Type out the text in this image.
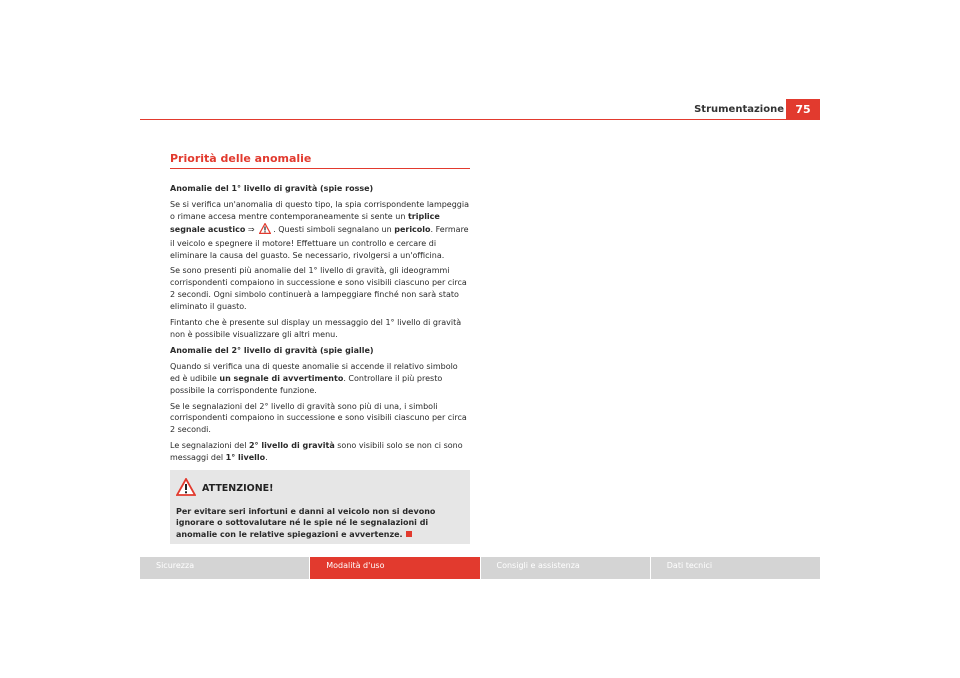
Strumentazione	75
Priorità delle anomalie

Anomalie del 1° livello di gravità (spie rosse)

Se si verifica un'anomalia di questo tipo, la spia corrispondente lampeggia o rimane accesa mentre contemporaneamente si sente un triplice segnale acustico ⇒ . Questi simboli segnalano un pericolo. Fermare il veicolo e spegnere il motore! Effettuare un controllo e cercare di eliminare la causa del guasto. Se necessario, rivolgersi a un'officina.

Se sono presenti più anomalie del 1° livello di gravità, gli ideogrammi corrispondenti compaiono in successione e sono visibili ciascuno per circa 2 secondi. Ogni simbolo continuerà a lampeggiare finché non sarà stato eliminato il guasto.

Fintanto che è presente sul display un messaggio del 1° livello di gravità non è possibile visualizzare gli altri menu.

Anomalie del 2° livello di gravità (spie gialle)

Quando si verifica una di queste anomalie si accende il relativo simbolo ed è udibile un segnale di avvertimento. Controllare il più presto possibile la corrispondente funzione.

Se le segnalazioni del 2° livello di gravità sono più di una, i simboli corrispondenti compaiono in successione e sono visibili ciascuno per circa 2 secondi.

Le segnalazioni del 2° livello di gravità sono visibili solo se non ci sono messaggi del 1° livello.

ATTENZIONE!

Per evitare seri infortuni e danni al veicolo non si devono ignorare o sottovalutare né le spie né le segnalazioni di anomalie con le relative spiegazioni e avvertenze.

Sicurezza	Modalità d'uso	Consigli e assistenza	Dati tecnici
